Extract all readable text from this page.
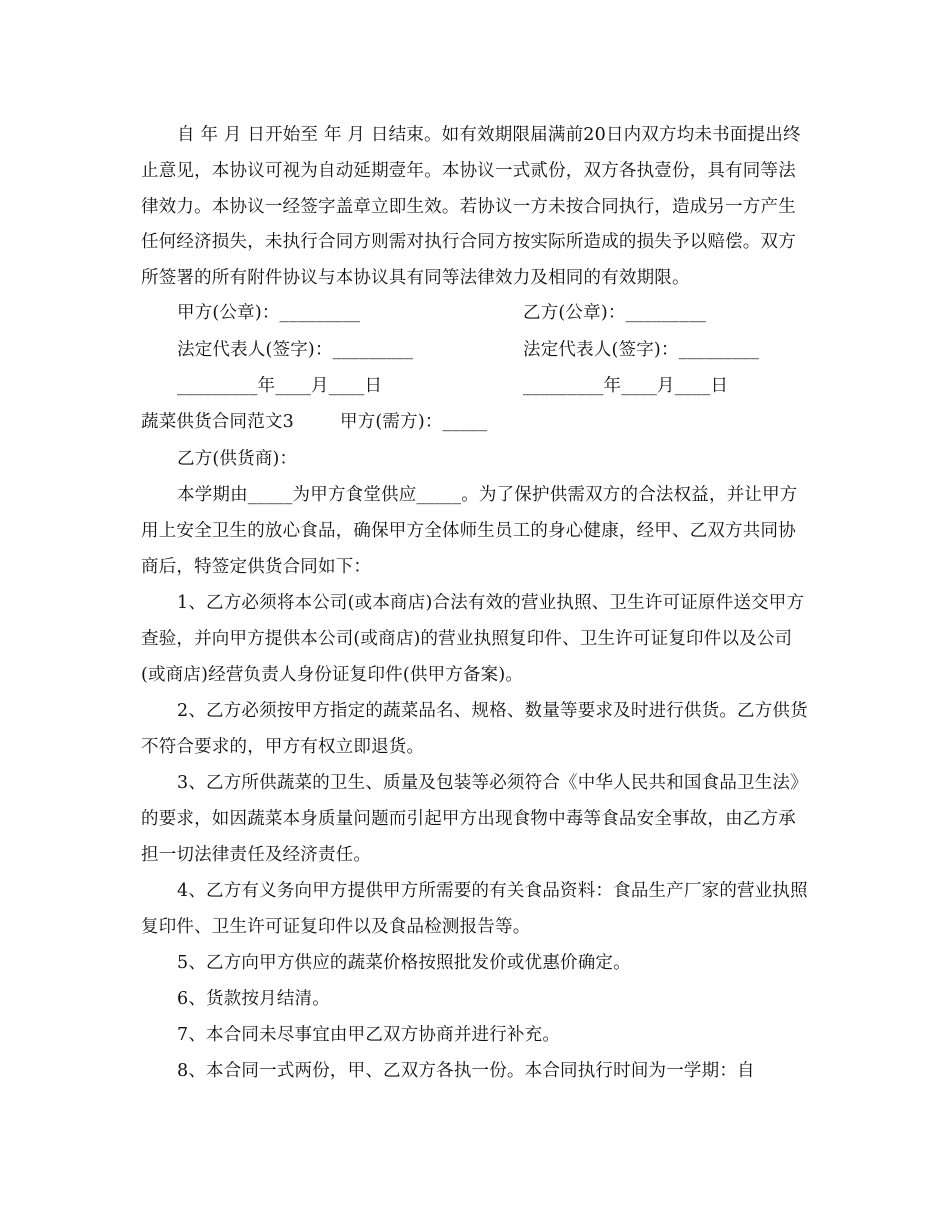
自 年 月 日开始至 年 月 日结束。如有效期限届满前20日内双方均未书面提出终止意见，本协议可视为自动延期壹年。本协议一式贰份，双方各执壹份，具有同等法律效力。本协议一经签字盖章立即生效。若协议一方未按合同执行，造成另一方产生任何经济损失，未执行合同方则需对执行合同方按实际所造成的损失予以赔偿。双方所签署的所有附件协议与本协议具有同等法律效力及相同的有效期限。

甲方(公章)：_________	乙方(公章)：_________
法定代表人(签字)：_________	法定代表人(签字)：_________
_________年____月____日	_________年____月____日
蔬菜供货合同范文3	甲方(需方)：_____
乙方(供货商)：

本学期由_____为甲方食堂供应_____。为了保护供需双方的合法权益，并让甲方用上安全卫生的放心食品，确保甲方全体师生员工的身心健康，经甲、乙双方共同协商后，特签定供货合同如下：

1、乙方必须将本公司(或本商店)合法有效的营业执照、卫生许可证原件送交甲方查验，并向甲方提供本公司(或商店)的营业执照复印件、卫生许可证复印件以及公司(或商店)经营负责人身份证复印件(供甲方备案)。

2、乙方必须按甲方指定的蔬菜品名、规格、数量等要求及时进行供货。乙方供货不符合要求的，甲方有权立即退货。

3、乙方所供蔬菜的卫生、质量及包装等必须符合《中华人民共和国食品卫生法》的要求，如因蔬菜本身质量问题而引起甲方出现食物中毒等食品安全事故，由乙方承担一切法律责任及经济责任。

4、乙方有义务向甲方提供甲方所需要的有关食品资料：食品生产厂家的营业执照复印件、卫生许可证复印件以及食品检测报告等。

5、乙方向甲方供应的蔬菜价格按照批发价或优惠价确定。

6、货款按月结清。

7、本合同未尽事宜由甲乙双方协商并进行补充。

8、本合同一式两份，甲、乙双方各执一份。本合同执行时间为一学期：自
